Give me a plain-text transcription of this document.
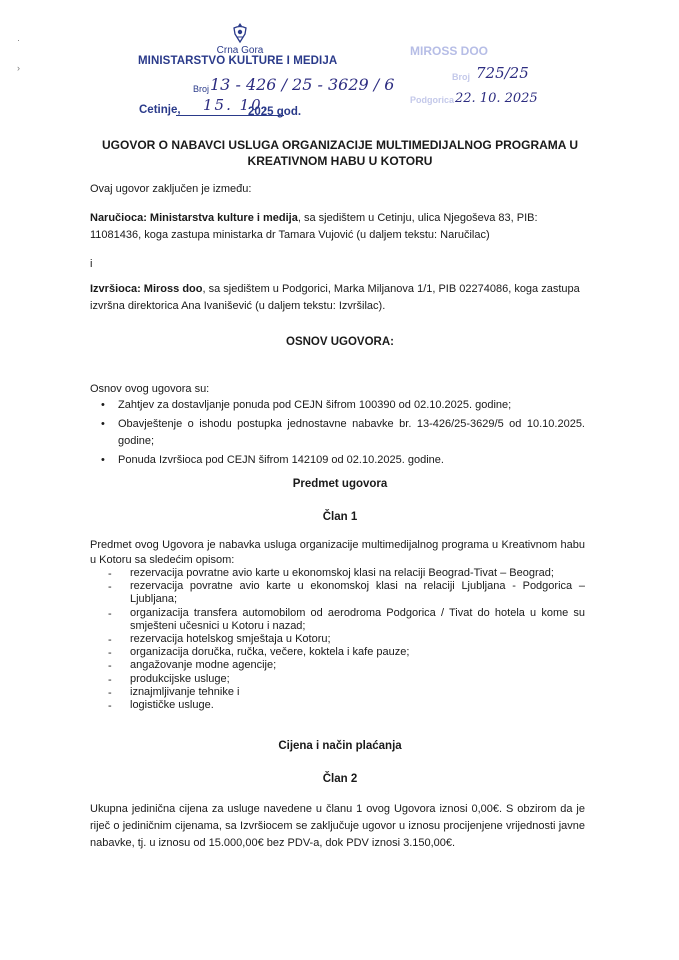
·
›
Crna Gora
MINISTARSTVO KULTURE I MEDIJA
Broj 13 - 426 / 25 - 3629 / 6
Cetinje, 15. 10.
2025 god.
MIROSS DOO
Broj 725/25
Podgorica 22. 10. 2025
UGOVOR O NABAVCI USLUGA ORGANIZACIJE MULTIMEDIJALNOG PROGRAMA U KREATIVNOM HABU U KOTORU
Ovaj ugovor zaključen je između:
Naručioca: Ministarstva kulture i medija, sa sjedištem u Cetinju, ulica Njegoševa 83, PIB: 11081436, koga zastupa ministarka dr Tamara Vujović (u daljem tekstu: Naručilac)
i
Izvršioca: Miross doo, sa sjedištem u Podgorici, Marka Miljanova 1/1, PIB 02274086, koga zastupa izvršna direktorica Ana Ivanišević (u daljem tekstu: Izvršilac).
OSNOV UGOVORA:
Osnov ovog ugovora su:
• Zahtjev za dostavljanje ponuda pod CEJN šifrom 100390 od 02.10.2025. godine;
• Obavještenje o ishodu postupka jednostavne nabavke br. 13-426/25-3629/5 od 10.10.2025. godine;
• Ponuda Izvršioca pod CEJN šifrom 142109 od 02.10.2025. godine.
Predmet ugovora
Član 1
Predmet ovog Ugovora je nabavka usluga organizacije multimedijalnog programa u Kreativnom habu u Kotoru sa sledećim opisom:
- rezervacija povratne avio karte u ekonomskoj klasi na relaciji Beograd-Tivat – Beograd;
- rezervacija povratne avio karte u ekonomskoj klasi na relaciji Ljubljana - Podgorica – Ljubljana;
- organizacija transfera automobilom od aerodroma Podgorica / Tivat do hotela u kome su smješteni učesnici u Kotoru i nazad;
- rezervacija hotelskog smještaja u Kotoru;
- organizacija doručka, ručka, večere, koktela i kafe pauze;
- angažovanje modne agencije;
- produkcijske usluge;
- iznajmljivanje tehnike i
- logističke usluge.
Cijena i način plaćanja
Član 2
Ukupna jedinična cijena za usluge navedene u članu 1 ovog Ugovora iznosi 0,00€. S obzirom da je riječ o jediničnim cijenama, sa Izvršiocem se zaključuje ugovor u iznosu procijenjene vrijednosti javne nabavke, tj. u iznosu od 15.000,00€ bez PDV-a, dok PDV iznosi 3.150,00€.
